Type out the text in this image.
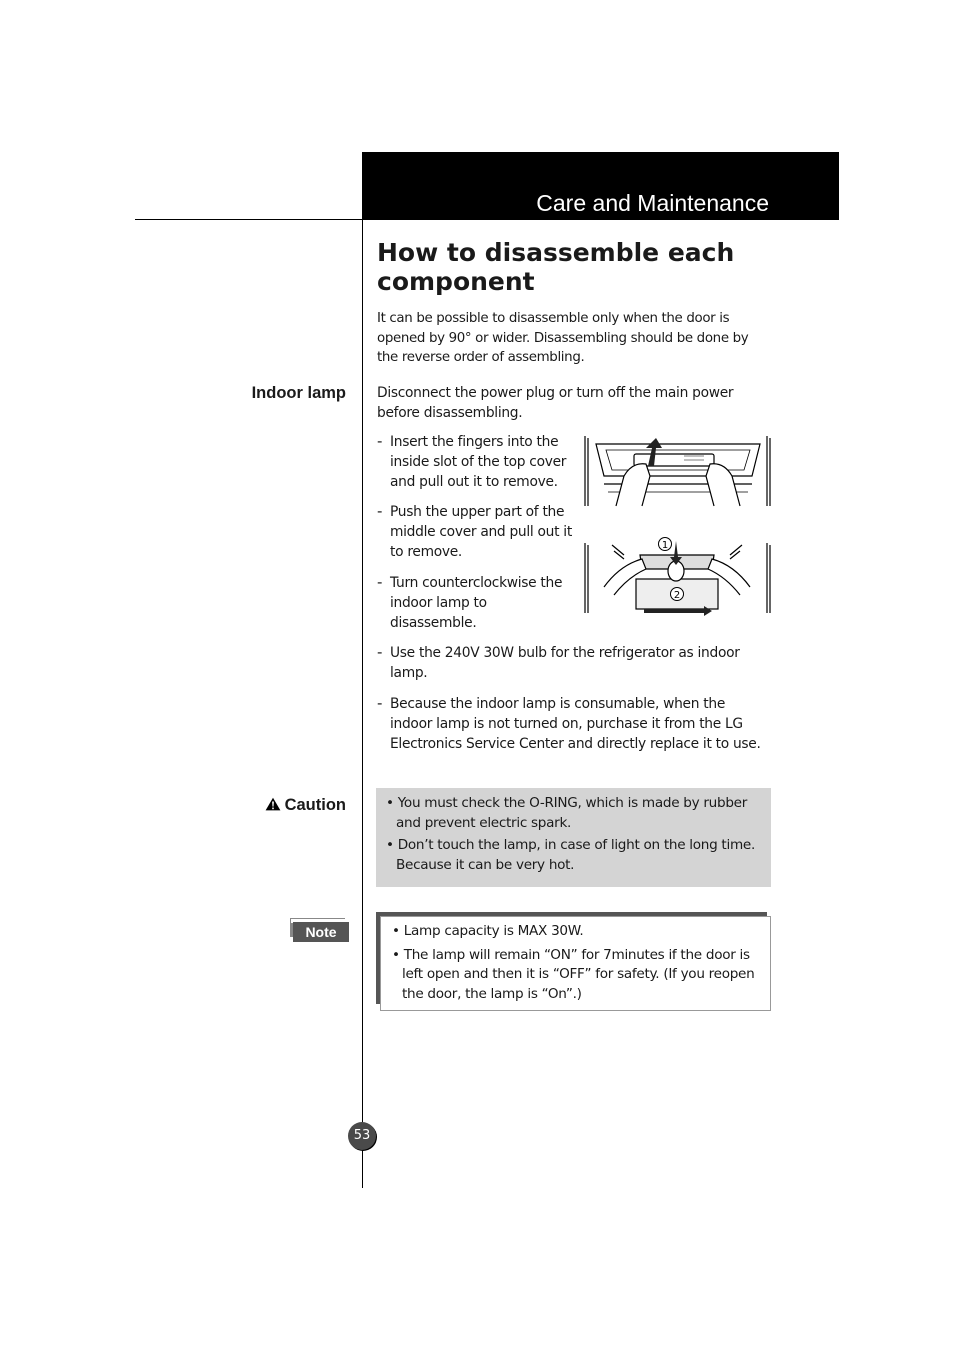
Care and Maintenance
How to disassemble each component

It can be possible to disassemble only when the door is opened by 90° or wider. Disassembling should be done by the reverse order of assembling.

Indoor lamp Disconnect the power plug or turn off the main power before disassembling.

- Insert the fingers into the inside slot of the top cover and pull out it to remove.
- Push the upper part of the middle cover and pull out it to remove.
- Turn counterclockwise the indoor lamp to disassemble.
- Use the 240V 30W bulb for the refrigerator as indoor lamp.
- Because the indoor lamp is consumable, when the indoor lamp is not turned on, purchase it from the LG Electronics Service Center and directly replace it to use.
1
2
Caution	• You must check the O-RING, which is made by rubber and prevent electric spark.

• Don’t touch the lamp, in case of light on the long time. Because it can be very hot.

Note	• Lamp capacity is MAX 30W.

• The lamp will remain “ON” for 7minutes if the door is left open and then it is “OFF” for safety. (If you reopen the door, the lamp is “On”.)

53
